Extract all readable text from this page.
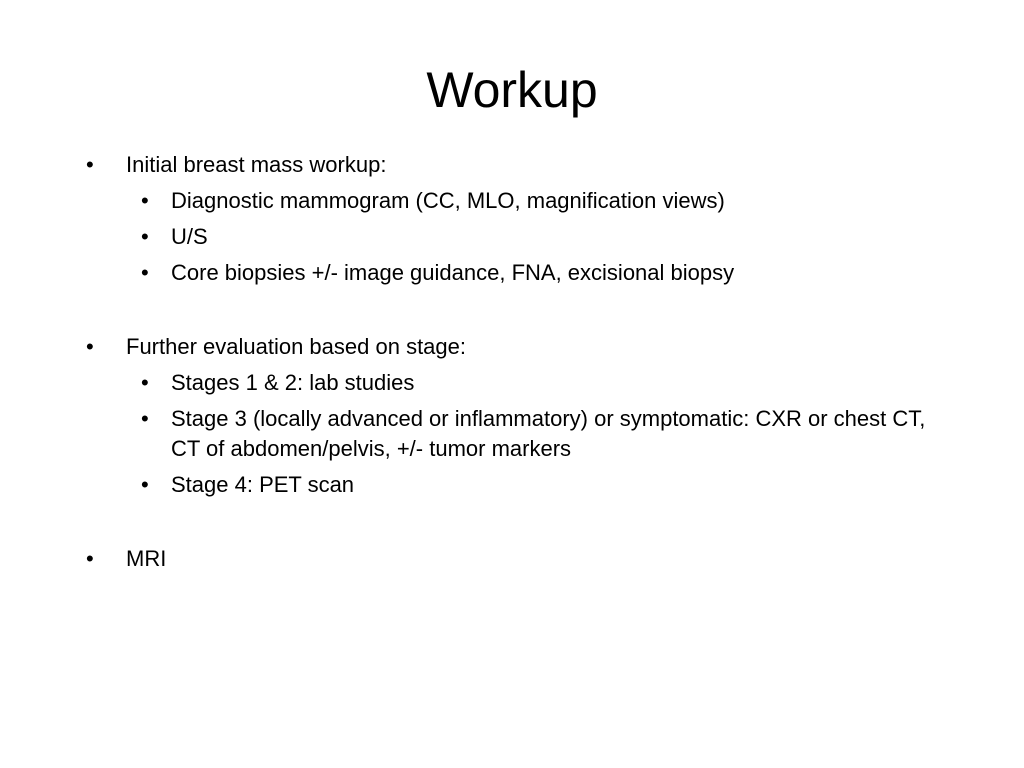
Workup
• Initial breast mass workup:
• Diagnostic mammogram (CC, MLO, magnification views)
• U/S
• Core biopsies +/- image guidance, FNA, excisional biopsy
• Further evaluation based on stage:
• Stages 1 & 2: lab studies
• Stage 3 (locally advanced or inflammatory) or symptomatic: CXR or chest CT, CT of abdomen/pelvis, +/- tumor markers
• Stage 4: PET scan
• MRI
